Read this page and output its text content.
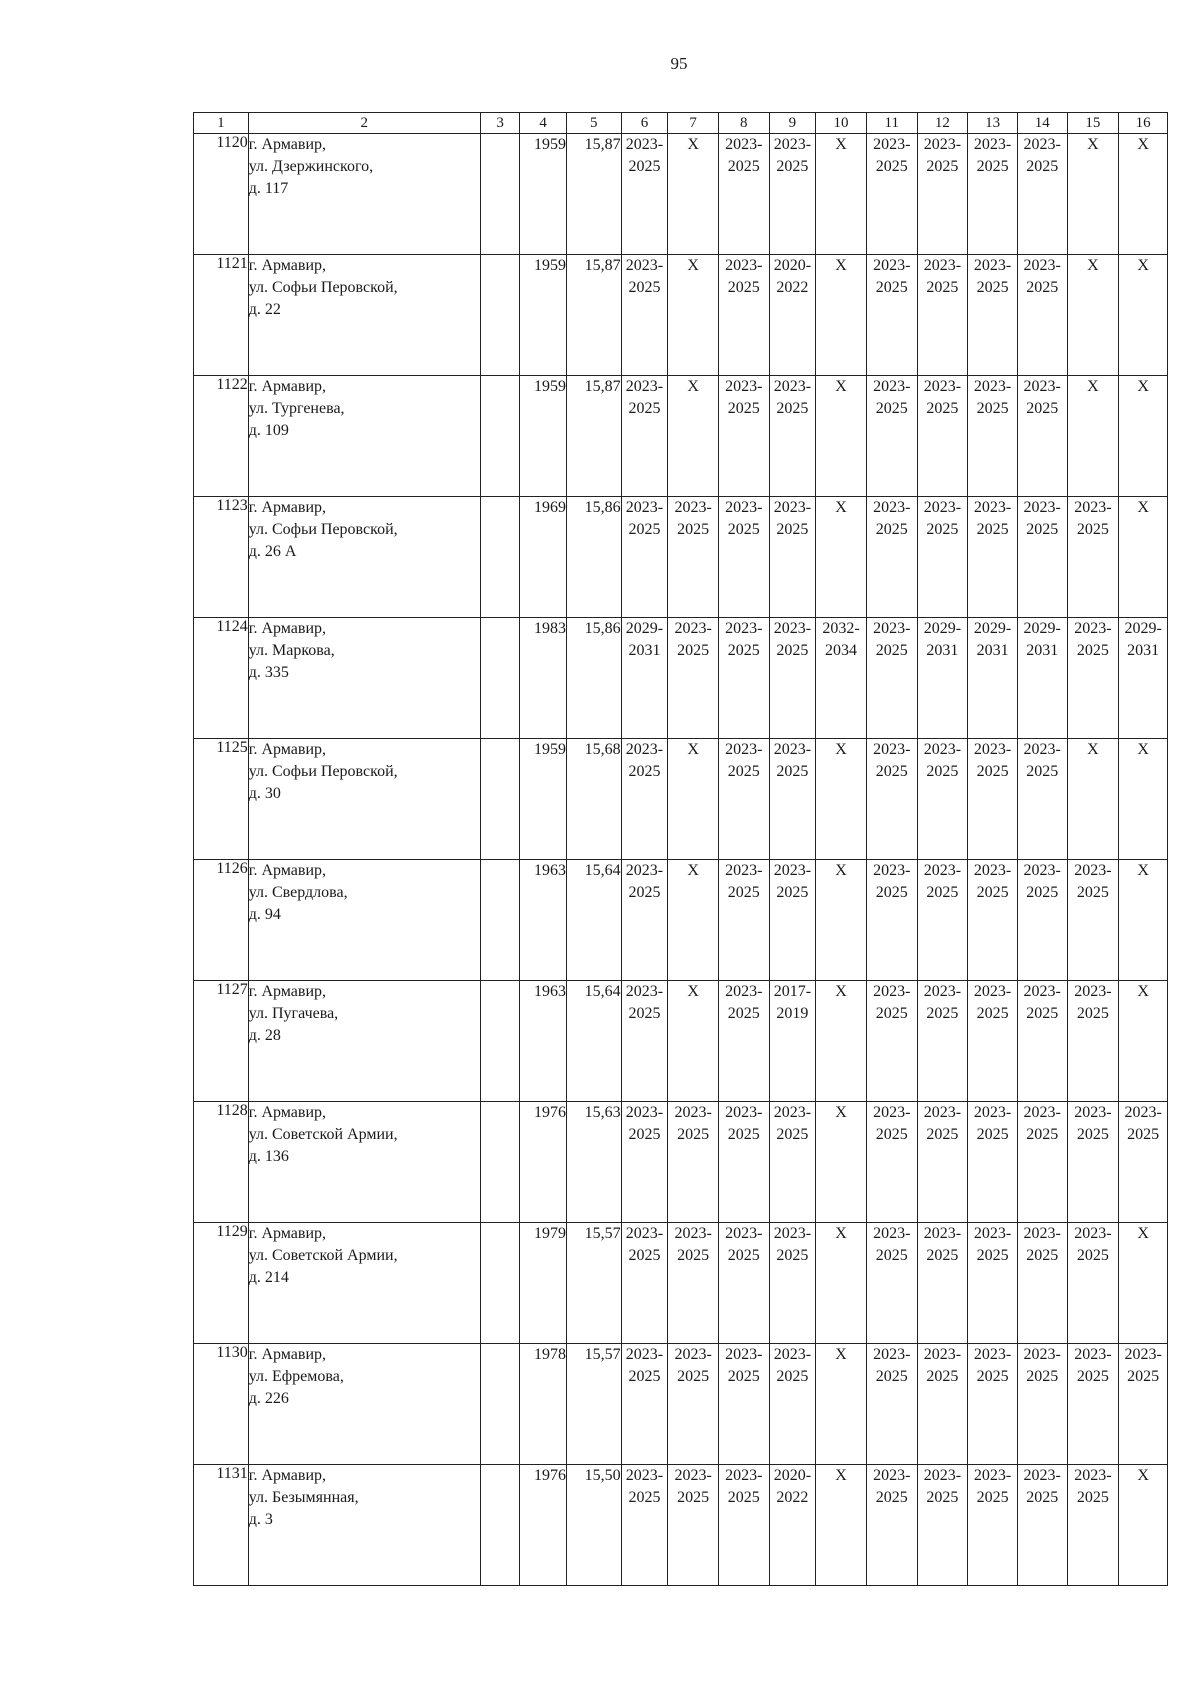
95
1	2	3	4	5	6	7	8	9	10	11	12	13	14	15	16
1120	г. Армавир,
ул. Дзержинского,
д. 117		1959	15,87	2023-
2025	X	2023-
2025	2023-
2025	X	2023-
2025	2023-
2025	2023-
2025	2023-
2025	X	X

1121	г. Армавир,
ул. Софьи Перовской,
д. 22		1959	15,87	2023-
2025	X	2023-
2025	2020-
2022	X	2023-
2025	2023-
2025	2023-
2025	2023-
2025	X	X

1122	г. Армавир,
ул. Тургенева,
д. 109		1959	15,87	2023-
2025	X	2023-
2025	2023-
2025	X	2023-
2025	2023-
2025	2023-
2025	2023-
2025	X	X

1123	г. Армавир,
ул. Софьи Перовской,
д. 26 А		1969	15,86	2023-
2025	2023-
2025	2023-
2025	2023-
2025	X	2023-
2025	2023-
2025	2023-
2025	2023-
2025	2023-
2025	X

1124	г. Армавир,
ул. Маркова,
д. 335		1983	15,86	2029-
2031	2023-
2025	2023-
2025	2023-
2025	2032-
2034	2023-
2025	2029-
2031	2029-
2031	2029-
2031	2023-
2025	2029-
2031

1125	г. Армавир,
ул. Софьи Перовской,
д. 30		1959	15,68	2023-
2025	X	2023-
2025	2023-
2025	X	2023-
2025	2023-
2025	2023-
2025	2023-
2025	X	X

1126	г. Армавир,
ул. Свердлова,
д. 94		1963	15,64	2023-
2025	X	2023-
2025	2023-
2025	X	2023-
2025	2023-
2025	2023-
2025	2023-
2025	2023-
2025	X

1127	г. Армавир,
ул. Пугачева,
д. 28		1963	15,64	2023-
2025	X	2023-
2025	2017-
2019	X	2023-
2025	2023-
2025	2023-
2025	2023-
2025	2023-
2025	X

1128	г. Армавир,
ул. Советской Армии,
д. 136		1976	15,63	2023-
2025	2023-
2025	2023-
2025	2023-
2025	X	2023-
2025	2023-
2025	2023-
2025	2023-
2025	2023-
2025	2023-
2025

1129	г. Армавир,
ул. Советской Армии,
д. 214		1979	15,57	2023-
2025	2023-
2025	2023-
2025	2023-
2025	X	2023-
2025	2023-
2025	2023-
2025	2023-
2025	2023-
2025	X

1130	г. Армавир,
ул. Ефремова,
д. 226		1978	15,57	2023-
2025	2023-
2025	2023-
2025	2023-
2025	X	2023-
2025	2023-
2025	2023-
2025	2023-
2025	2023-
2025	2023-
2025

1131	г. Армавир,
ул. Безымянная,
д. 3		1976	15,50	2023-
2025	2023-
2025	2023-
2025	2020-
2022	X	2023-
2025	2023-
2025	2023-
2025	2023-
2025	2023-
2025	X
